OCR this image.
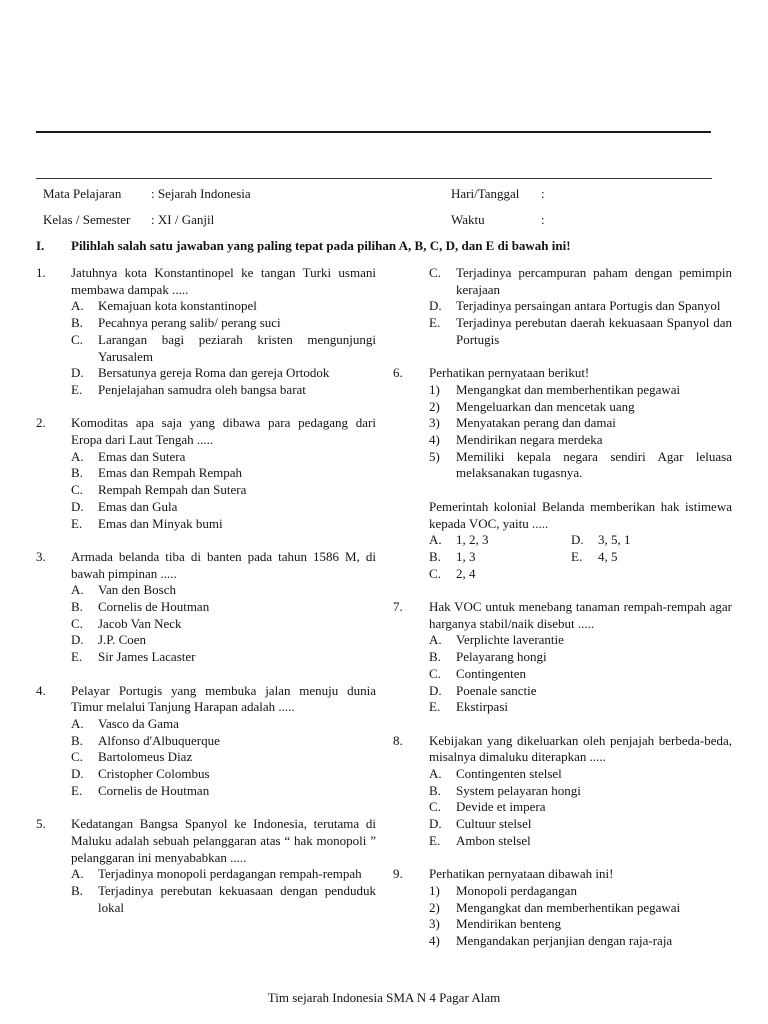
Mata Pelajaran : Sejarah Indonesia
Kelas / Semester : XI / Ganjil
Hari/Tanggal :
Waktu	:
I. Pilihlah salah satu jawaban yang paling tepat pada pilihan A, B, C, D, dan E di bawah ini!
1. Jatuhnya kota Konstantinopel ke tangan Turki usmani membawa dampak .....
A. Kemajuan kota konstantinopel
B. Pecahnya perang salib/ perang suci
C. Larangan bagi peziarah kristen mengunjungi Yarusalem
D. Bersatunya gereja Roma dan gereja Ortodok
E. Penjelajahan samudra oleh bangsa barat
2. Komoditas apa saja yang dibawa para pedagang dari Eropa dari Laut Tengah .....
A. Emas dan Sutera
B. Emas dan Rempah Rempah
C. Rempah Rempah dan Sutera
D. Emas dan Gula
E. Emas dan Minyak bumi
3. Armada belanda tiba di banten pada tahun 1586 M, di bawah pimpinan .....
A. Van den Bosch
B. Cornelis de Houtman
C. Jacob Van Neck
D. J.P. Coen
E. Sir James Lacaster
4. Pelayar Portugis yang membuka jalan menuju dunia Timur melalui Tanjung Harapan adalah .....
A. Vasco da Gama
B. Alfonso d'Albuquerque
C. Bartolomeus Diaz
D. Cristopher Colombus
E. Cornelis de Houtman
5. Kedatangan Bangsa Spanyol ke Indonesia, terutama di Maluku adalah sebuah pelanggaran atas “ hak monopoli ” pelanggaran ini menyababkan .....
A. Terjadinya monopoli perdagangan rempah-rempah
B. Terjadinya perebutan kekuasaan dengan penduduk lokal
C. Terjadinya percampuran paham dengan pemimpin kerajaan
D. Terjadinya persaingan antara Portugis dan Spanyol
E. Terjadinya perebutan daerah kekuasaan Spanyol dan Portugis
6. Perhatikan pernyataan berikut!
1) Mengangkat dan memberhentikan pegawai
2) Mengeluarkan dan mencetak uang
3) Menyatakan perang dan damai
4) Mendirikan negara merdeka
5) Memiliki kepala negara sendiri Agar leluasa melaksanakan tugasnya.
Pemerintah kolonial Belanda memberikan hak istimewa kepada VOC, yaitu .....
A. 1, 2, 3	D. 3, 5, 1
B. 1, 3	E. 4, 5
C. 2, 4
7. Hak VOC untuk menebang tanaman rempah-rempah agar harganya stabil/naik disebut .....
A. Verplichte laverantie
B. Pelayarang hongi
C. Contingenten
D. Poenale sanctie
E. Ekstirpasi
8. Kebijakan yang dikeluarkan oleh penjajah berbeda-beda, misalnya dimaluku diterapkan .....
A. Contingenten stelsel
B. System pelayaran hongi
C. Devide et impera
D. Cultuur stelsel
E. Ambon stelsel
9. Perhatikan pernyataan dibawah ini!
1) Monopoli perdagangan
2) Mengangkat dan memberhentikan pegawai
3) Mendirikan benteng
4) Mengandakan perjanjian dengan raja-raja
Tim sejarah Indonesia SMA N 4 Pagar Alam
